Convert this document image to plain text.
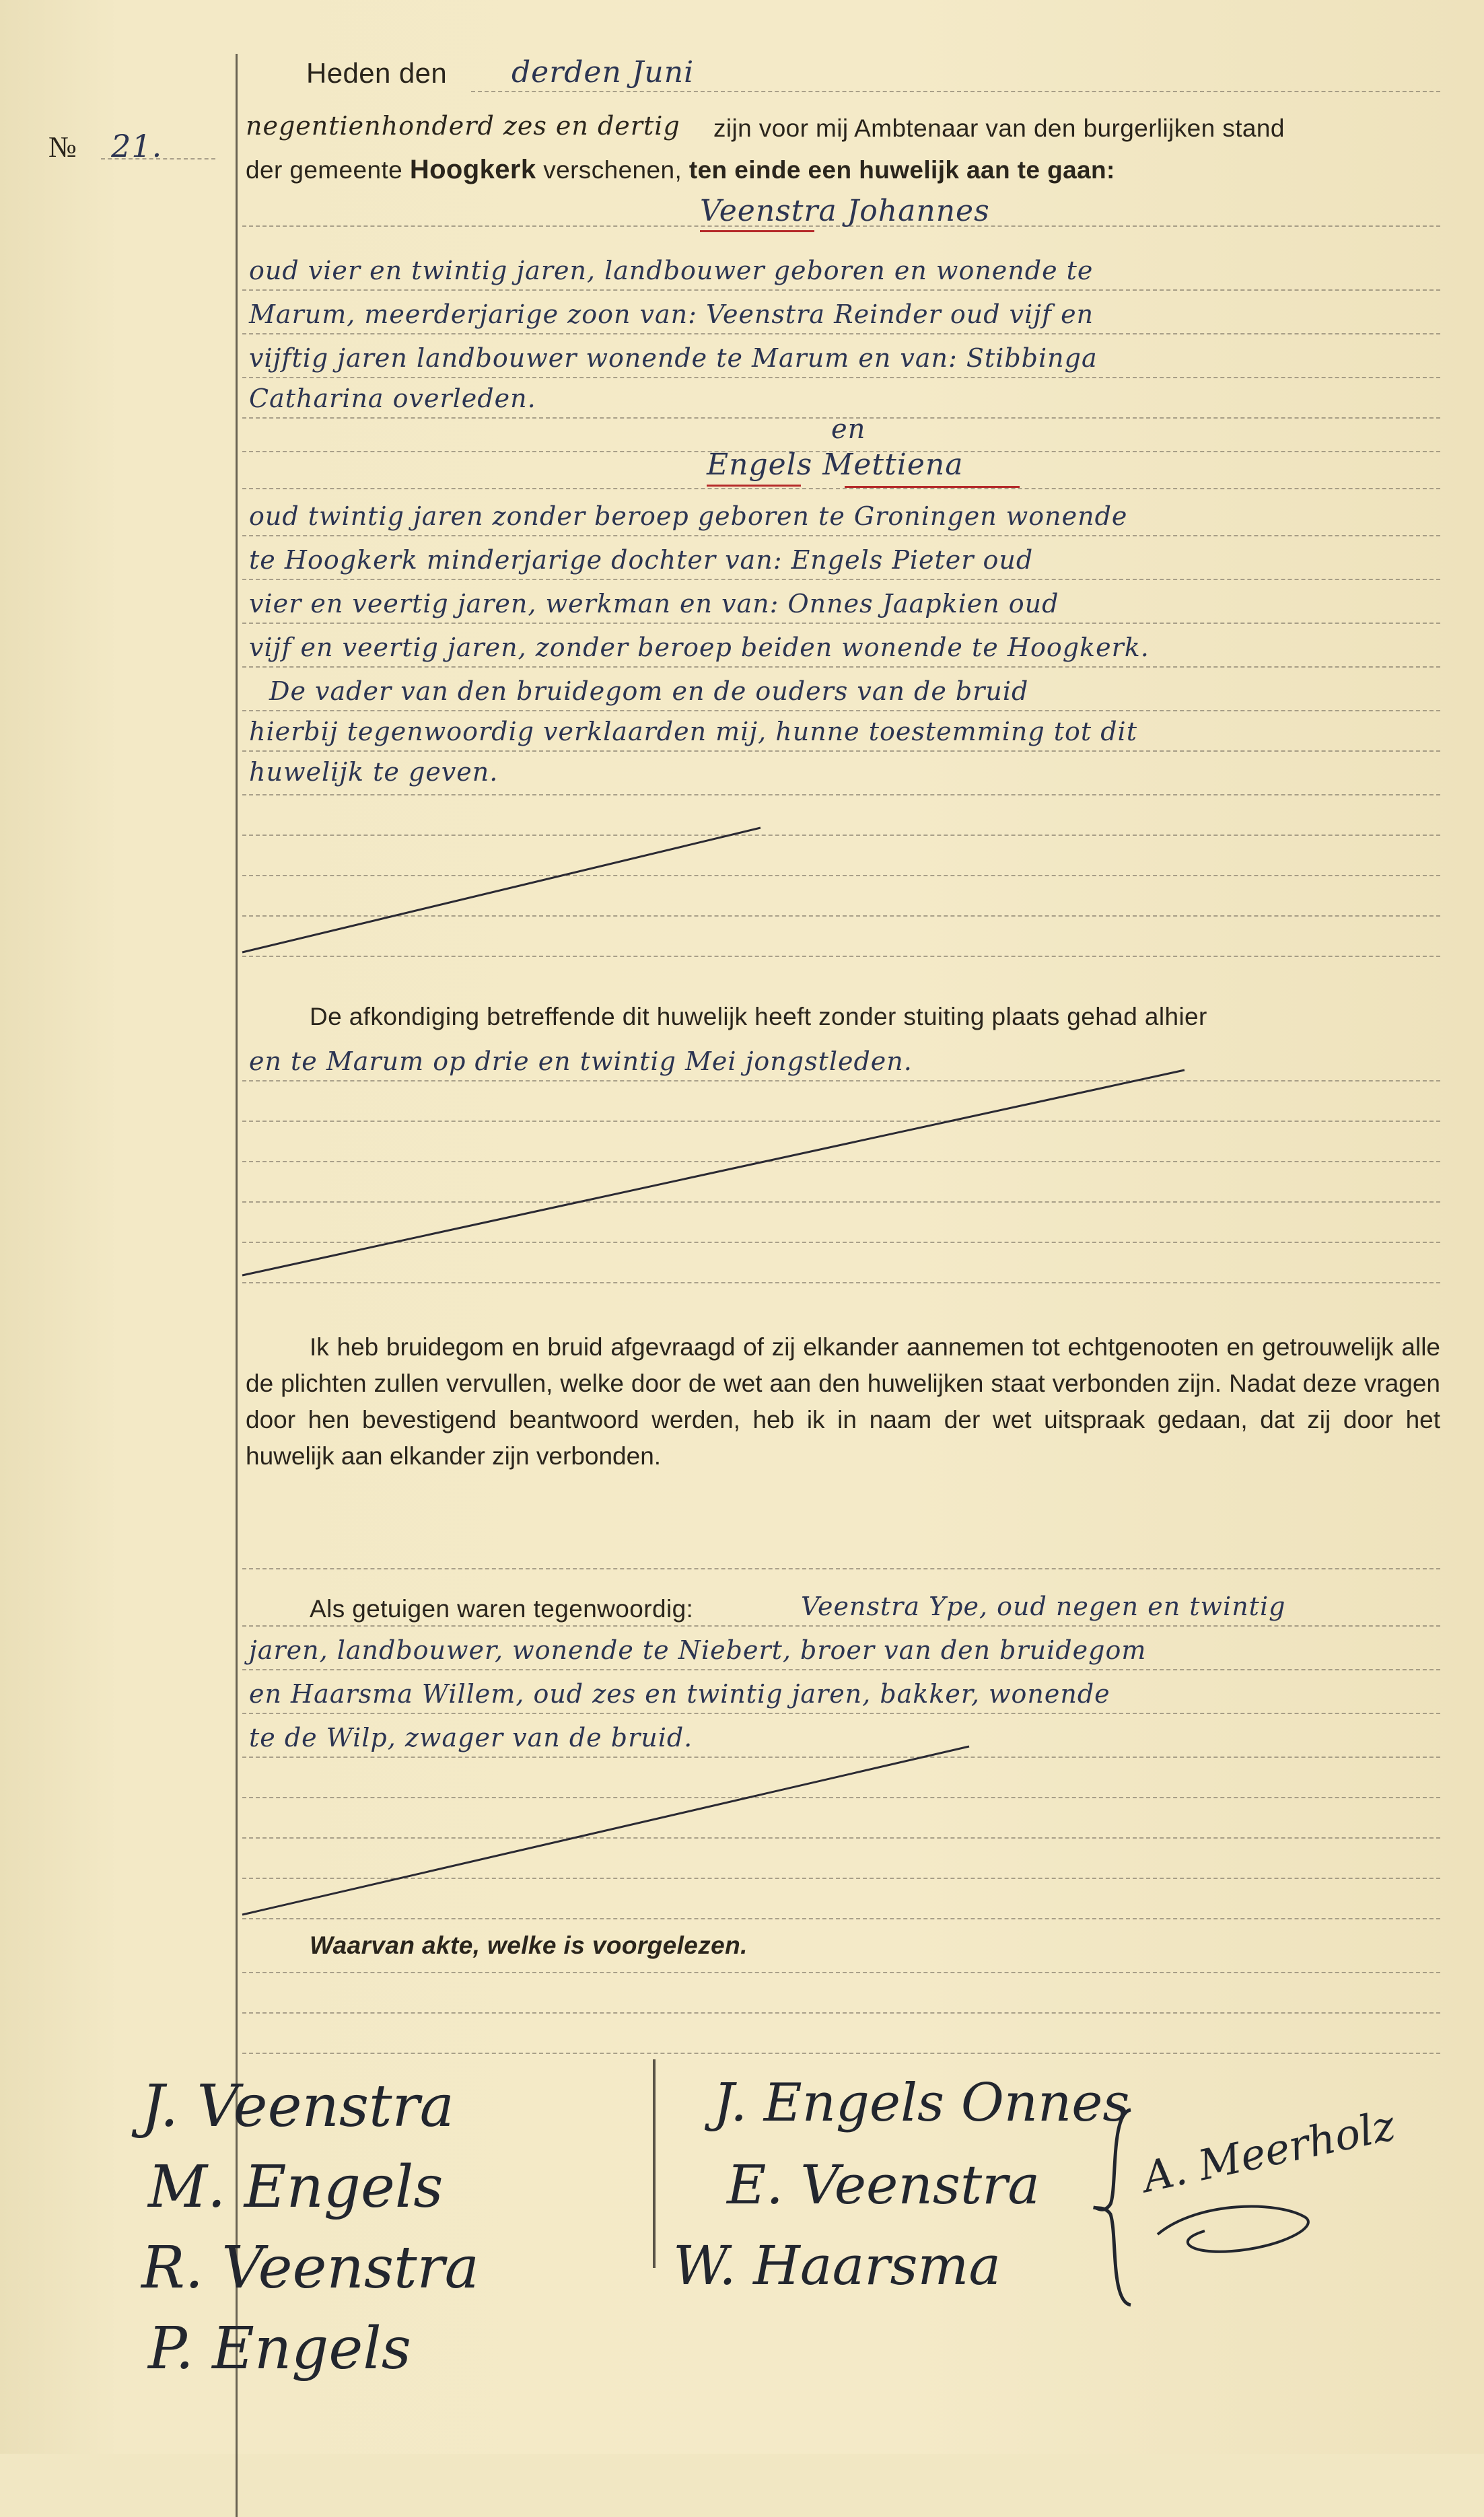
№ 21.
Heden den derden Juni
negentienhonderd zes en dertig zijn voor mij Ambtenaar van den burgerlijken stand
der gemeente Hoogkerk verschenen, ten einde een huwelijk aan te gaan:
Veenstra Johannes
oud vier en twintig jaren, landbouwer geboren en wonende te
Marum, meerderjarige zoon van: Veenstra Reinder oud vijf en
vijftig jaren landbouwer wonende te Marum en van: Stibbinga
Catharina overleden.
en
Engels Mettiena
oud twintig jaren zonder beroep geboren te Groningen wonende
te Hoogkerk minderjarige dochter van: Engels Pieter oud
vier en veertig jaren, werkman en van: Onnes Jaapkien oud
vijf en veertig jaren, zonder beroep beiden wonende te Hoogkerk.
De vader van den bruidegom en de ouders van de bruid
hierbij tegenwoordig verklaarden mij, hunne toestemming tot dit
huwelijk te geven.
De afkondiging betreffende dit huwelijk heeft zonder stuiting plaats gehad alhier
en te Marum op drie en twintig Mei jongstleden.
Ik heb bruidegom en bruid afgevraagd of zij elkander aannemen tot echtgenooten en getrouwelijk alle de plichten zullen vervullen, welke door de wet aan den huwelijken staat verbonden zijn. Nadat deze vragen door hen bevestigend beantwoord werden, heb ik in naam der wet uitspraak gedaan, dat zij door het huwelijk aan elkander zijn verbonden.
Als getuigen waren tegenwoordig:	Veenstra Ype, oud negen en twintig
jaren, landbouwer, wonende te Niebert, broer van den bruidegom
en Haarsma Willem, oud zes en twintig jaren, bakker, wonende
te de Wilp, zwager van de bruid.
Waarvan akte, welke is voorgelezen.
J. Veenstra
M. Engels
R. Veenstra
P. Engels
J. Engels Onnes
E. Veenstra
W. Haarsma
A. Meerholz
